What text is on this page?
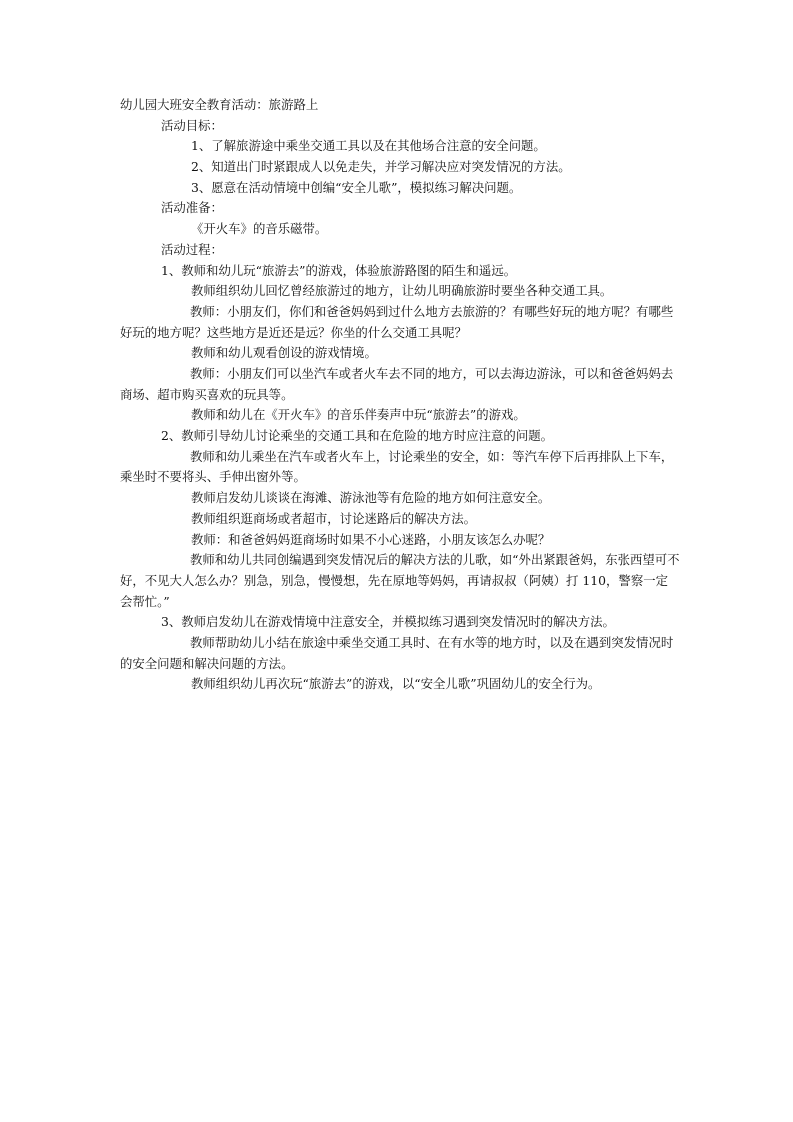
幼儿园大班安全教育活动：旅游路上
活动目标：
1、了解旅游途中乘坐交通工具以及在其他场合注意的安全问题。
2、知道出门时紧跟成人以免走失，并学习解决应对突发情况的方法。
3、愿意在活动情境中创编“安全儿歌”，模拟练习解决问题。
活动准备：
《开火车》的音乐磁带。
活动过程：
1、教师和幼儿玩“旅游去”的游戏，体验旅游路图的陌生和遥远。
教师组织幼儿回忆曾经旅游过的地方，让幼儿明确旅游时要坐各种交通工具。
教师：小朋友们，你们和爸爸妈妈到过什么地方去旅游的？有哪些好玩的地方呢？有哪些好玩的地方呢？这些地方是近还是远？你坐的什么交通工具呢？
教师和幼儿观看创设的游戏情境。
教师：小朋友们可以坐汽车或者火车去不同的地方，可以去海边游泳，可以和爸爸妈妈去商场、超市购买喜欢的玩具等。
教师和幼儿在《开火车》的音乐伴奏声中玩“旅游去”的游戏。
2、教师引导幼儿讨论乘坐的交通工具和在危险的地方时应注意的问题。
教师和幼儿乘坐在汽车或者火车上，讨论乘坐的安全，如：等汽车停下后再排队上下车，乘坐时不要将头、手伸出窗外等。
教师启发幼儿谈谈在海滩、游泳池等有危险的地方如何注意安全。
教师组织逛商场或者超市，讨论迷路后的解决方法。
教师：和爸爸妈妈逛商场时如果不小心迷路，小朋友该怎么办呢？
教师和幼儿共同创编遇到突发情况后的解决方法的儿歌，如“外出紧跟爸妈，东张西望可不好，不见大人怎么办？别急，别急，慢慢想，先在原地等妈妈，再请叔叔（阿姨）打 110，警察一定会帮忙。”
3、教师启发幼儿在游戏情境中注意安全，并模拟练习遇到突发情况时的解决方法。
教师帮助幼儿小结在旅途中乘坐交通工具时、在有水等的地方时，以及在遇到突发情况时的安全问题和解决问题的方法。
教师组织幼儿再次玩“旅游去”的游戏，以“安全儿歌”巩固幼儿的安全行为。
